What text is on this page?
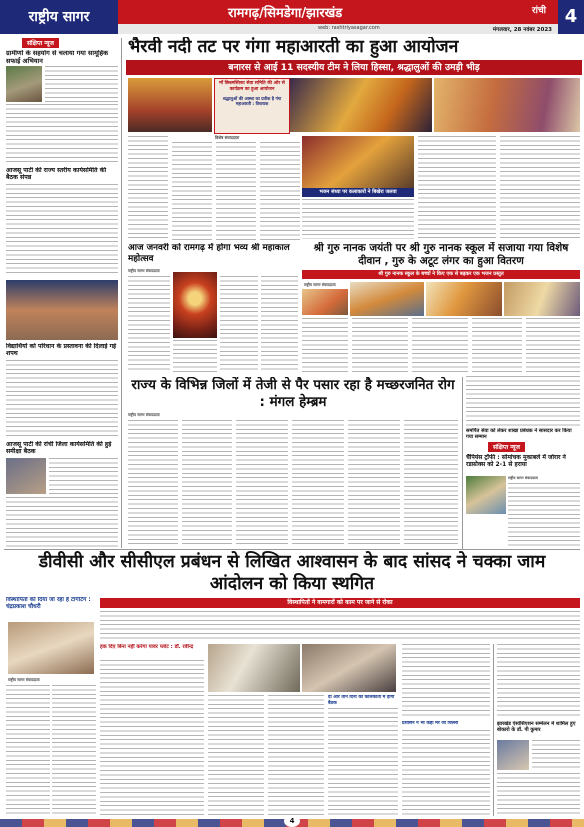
राष्ट्रीय सागर	रामगढ़/सिमडेगा/झारखंड	रांची
web: rashtriyasagar.com	मंगलवार, 28 नवंबर 2023
4
संक्षिप्त न्यूज
ग्रामीणों के सहयोग से चलाया गया सामूहिक सफाई अभियान
आजसू पार्टी की राज्य स्तरीय कार्यसमिति की बैठक संपन्न
विद्यार्थियों को परिधान के प्रस्तावना की दिलाई गई शपथ
आजसू पार्टी की रांची जिला कार्यसमिति की हुई समीक्षा बैठक
भैरवी नदी तट पर गंगा महाआरती का हुआ आयोजन
बनारस से आई 11 सदस्यीय टीम ने लिया हिस्सा, श्रद्धालुओं की उमड़ी भीड़
माँ छिन्नमस्तिका सेवा समिति की ओर से कार्यक्रम का हुआ आयोजन
श्रद्धालुओं की आस्था का प्रतीक है गंगा महाआरती : विधायक
विशेष संवाददाता
भजन संध्या पर कलाकारों ने बिखेरा जलवा
आज जनवरी को रामगढ़ में होगा भव्य श्री महाकाल महोत्सव
राष्ट्रीय सागर संवाददाता
श्री गुरु नानक जयंती पर श्री गुरु नानक स्कूल में सजाया गया विशेष दीवान , गुरु के अटूट लंगर का हुआ वितरण
श्री गुरु नानक स्कूल के बच्चों ने किए एक से बढ़कर एक भजन प्रस्तुत
राष्ट्रीय सागर संवाददाता
राज्य के विभिन्न जिलों में तेजी से पैर पसार रहा है मच्छरजनित रोग : मंगल हेम्ब्रम
राष्ट्रीय सागर संवाददाता
समर्पित सेवा को लेकर शाखा प्रबंधक ने सासदार कर किया गया सम्मान
संक्षिप्त न्यूज
चैंपियंस ट्रॉफी : सोमांचक मुकाबले में जोरार ने रडफ़ोक्स को 2-1 से हराया
राष्ट्रीय सागर संवाददाता
डीवीसी और सीसीएल प्रबंधन से लिखित आश्वासन के बाद सांसद ने चक्का जाम आंदोलन को किया स्थगित
विस्थापितों को दिया जा रहा है टार्गेटिंग : चंद्रप्रकाश चौधरी
राष्ट्रीय सागर संवाददाता
विस्थापितों ने वामगारों को काम पर जाने से रोका
हक दिए बिना नहीं करेगा पावर प्लांट : डॉ. रवीन्द्र
दो और तीन दिनों को कोलकाता में होगी बैठक
प्रशासन ने भी कहा मेरे जी चिल्ला	झारखंड ऐसोसिएशन सम्मेलन में शामिल हुए बोकारो के डॉ. पी कुमार
4
